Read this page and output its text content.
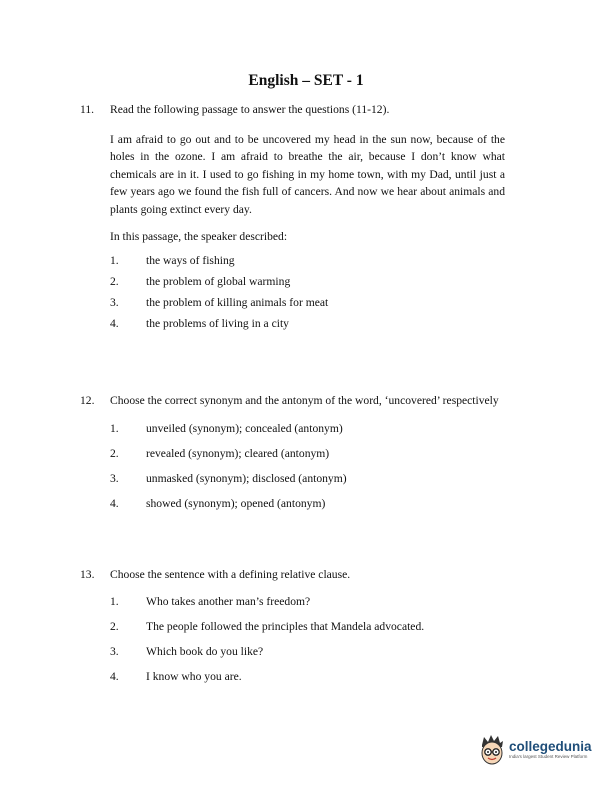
English – SET - 1
11. Read the following passage to answer the questions (11-12).
I am afraid to go out and to be uncovered my head in the sun now, because of the holes in the ozone. I am afraid to breathe the air, because I don’t know what chemicals are in it. I used to go fishing in my home town, with my Dad, until just a few years ago we found the fish full of cancers. And now we hear about animals and plants going extinct every day.
In this passage, the speaker described:
1. the ways of fishing
2. the problem of global warming
3. the problem of killing animals for meat
4. the problems of living in a city
12. Choose the correct synonym and the antonym of the word, ‘uncovered’ respectively
1. unveiled (synonym); concealed (antonym)
2. revealed (synonym); cleared (antonym)
3. unmasked (synonym); disclosed (antonym)
4. showed (synonym); opened (antonym)
13. Choose the sentence with a defining relative clause.
1. Who takes another man’s freedom?
2. The people followed the principles that Mandela advocated.
3. Which book do you like?
4. I know who you are.
collegedunia
India's largest Student Review Platform
